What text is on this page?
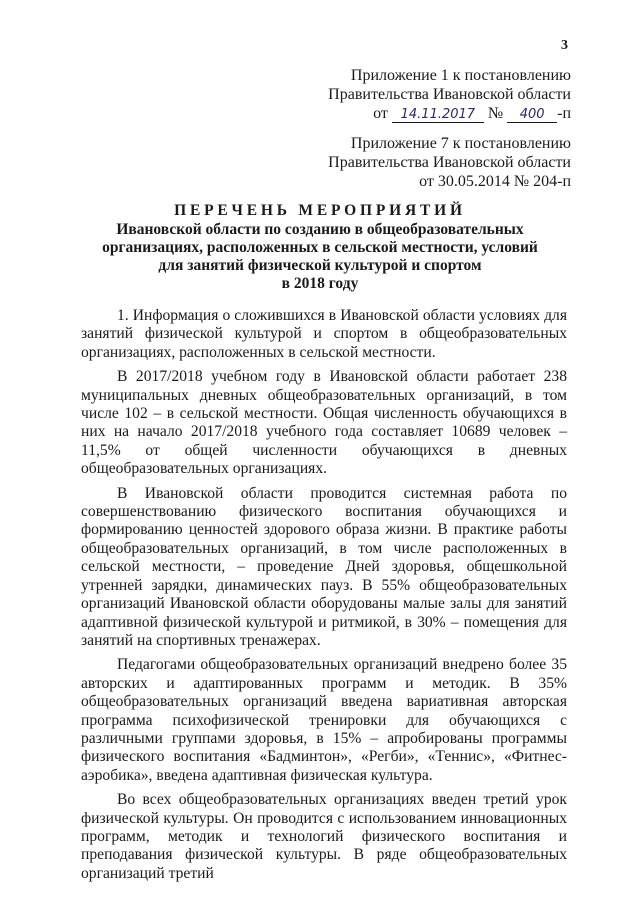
3
Приложение 1 к постановлению
Правительства Ивановской области
от 14.11.2017 № 400 -п
Приложение 7 к постановлению
Правительства Ивановской области
от 30.05.2014 № 204-п
ПЕРЕЧЕНЬ МЕРОПРИЯТИЙ
Ивановской области по созданию в общеобразовательных
организациях, расположенных в сельской местности, условий
для занятий физической культурой и спортом
в 2018 году

1. Информация о сложившихся в Ивановской области условиях для занятий физической культурой и спортом в общеобразовательных организациях, расположенных в сельской местности.

В 2017/2018 учебном году в Ивановской области работает 238 муниципальных дневных общеобразовательных организаций, в том числе 102 – в сельской местности. Общая численность обучающихся в них на начало 2017/2018 учебного года составляет 10689 человек – 11,5% от общей численности обучающихся в дневных общеобразовательных организациях.

В Ивановской области проводится системная работа по совершенствованию физического воспитания обучающихся и формированию ценностей здорового образа жизни. В практике работы общеобразовательных организаций, в том числе расположенных в сельской местности, – проведение Дней здоровья, общешкольной утренней зарядки, динамических пауз. В 55% общеобразовательных организаций Ивановской области оборудованы малые залы для занятий адаптивной физической культурой и ритмикой, в 30% – помещения для занятий на спортивных тренажерах.

Педагогами общеобразовательных организаций внедрено более 35 авторских и адаптированных программ и методик. В 35% общеобразовательных организаций введена вариативная авторская программа психофизической тренировки для обучающихся с различными группами здоровья, в 15% – апробированы программы физического воспитания «Бадминтон», «Регби», «Теннис», «Фитнес-аэробика», введена адаптивная физическая культура.

Во всех общеобразовательных организациях введен третий урок физической культуры. Он проводится с использованием инновационных программ, методик и технологий физического воспитания и преподавания физической культуры. В ряде общеобразовательных организаций третий
